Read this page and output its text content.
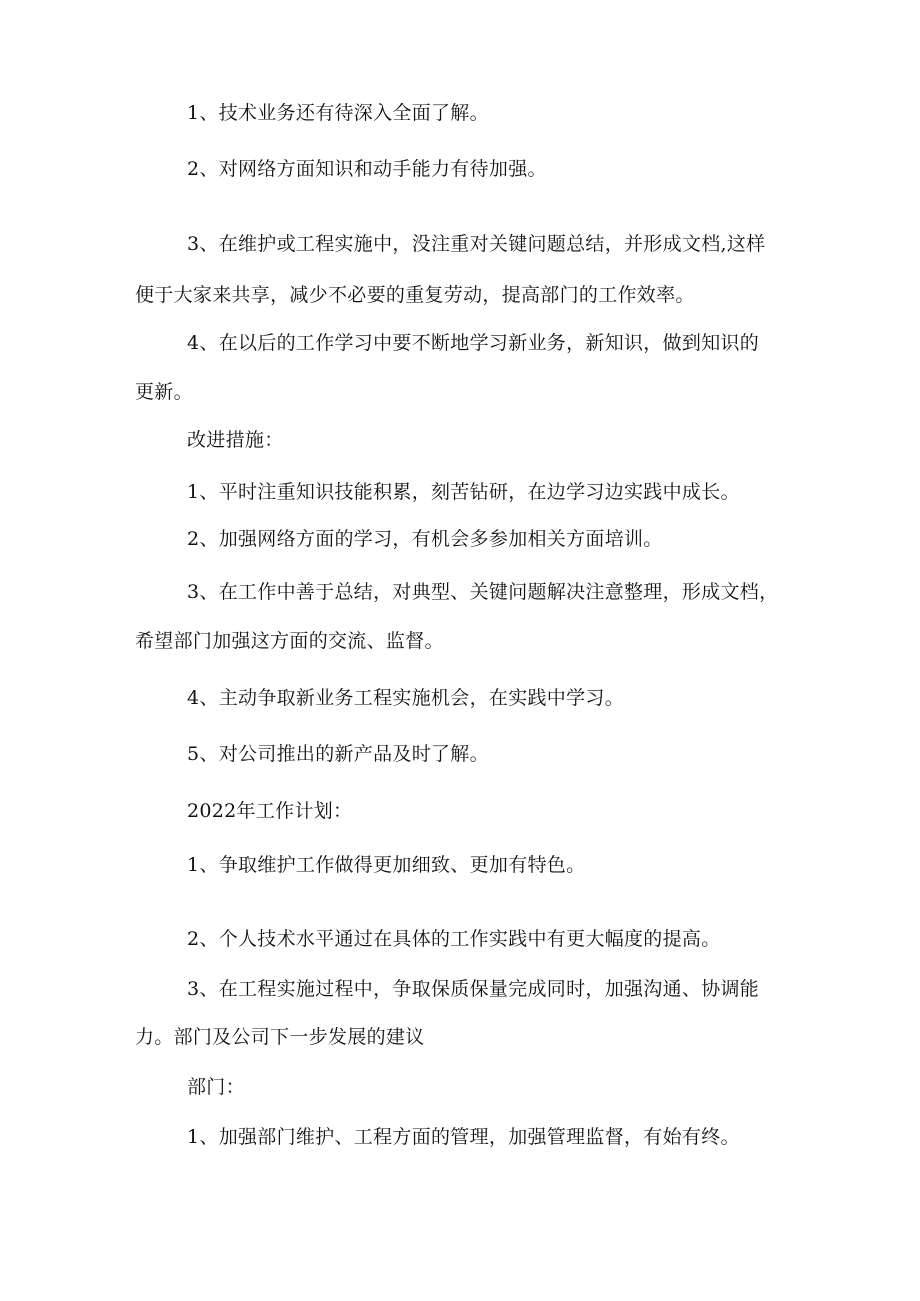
1、技术业务还有待深入全面了解。
2、对网络方面知识和动手能力有待加强。
3、在维护或工程实施中，没注重对关键问题总结，并形成文档,这样
便于大家来共享，减少不必要的重复劳动，提高部门的工作效率。
4、在以后的工作学习中要不断地学习新业务，新知识，做到知识的
更新。
改进措施：
1、平时注重知识技能积累，刻苦钻研，在边学习边实践中成长。
2、加强网络方面的学习，有机会多参加相关方面培训。
3、在工作中善于总结，对典型、关键问题解决注意整理，形成文档，
希望部门加强这方面的交流、监督。
4、主动争取新业务工程实施机会，在实践中学习。
5、对公司推出的新产品及时了解。
2022年工作计划：
1、争取维护工作做得更加细致、更加有特色。
2、个人技术水平通过在具体的工作实践中有更大幅度的提高。
3、在工程实施过程中，争取保质保量完成同时，加强沟通、协调能
力。部门及公司下一步发展的建议
部门：
1、加强部门维护、工程方面的管理，加强管理监督，有始有终。
